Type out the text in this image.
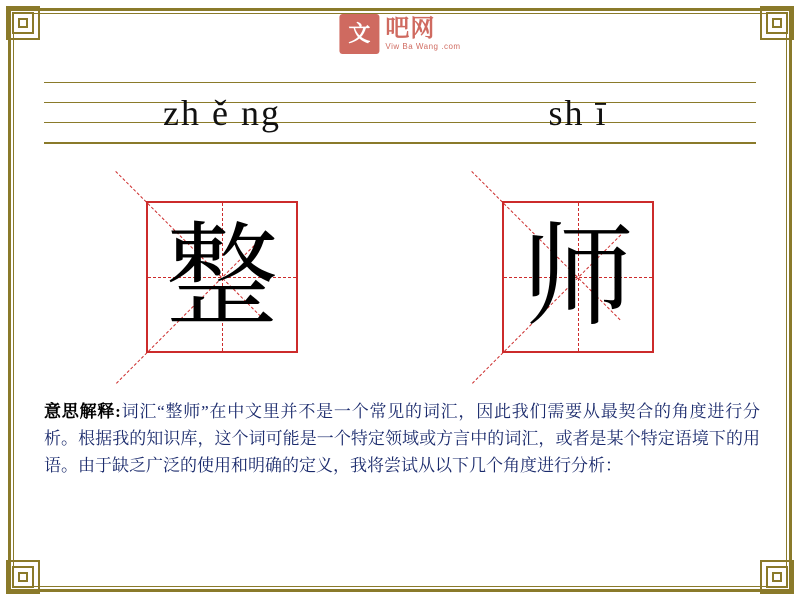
文 吧网
Viw Ba Wang .com
zh ě ng	sh ī
整 师
意思解释:词汇“整师”在中文里并不是一个常见的词汇，因此我们需要从最契合的角度进行分析。根据我的知识库，这个词可能是一个特定领域或方言中的词汇，或者是某个特定语境下的用语。由于缺乏广泛的使用和明确的定义，我将尝试从以下几个角度进行分析：
